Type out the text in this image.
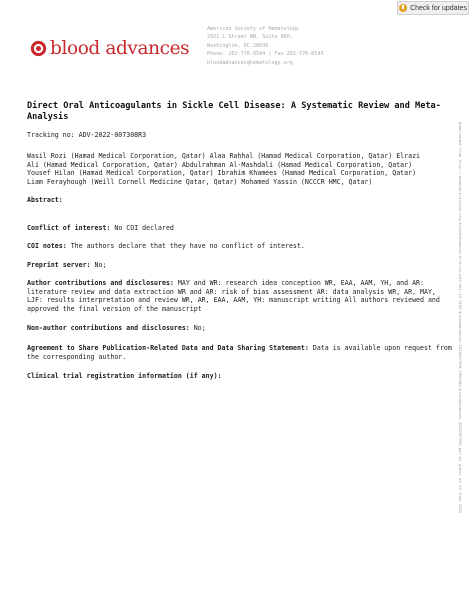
Check for updates
blood advances
American Society of Hematology
2021 L Street NW, Suite 900,
Washington, DC 20036
Phone: 202-776-0544 | Fax 202-776-0545
bloodadvances@hematology.org
Direct Oral Anticoagulants in Sickle Cell Disease: A Systematic Review and Meta-Analysis
Tracking no: ADV-2022-007308R3
Wasil Rozi (Hamad Medical Corporation, Qatar) Alaa Rahhal (Hamad Medical Corporation, Qatar) Elrazi
Ali (Hamad Medical Corporation, Qatar) Abdulrahman Al-Mashdali (Hamad Medical Corporation, Qatar)
Yousef Hilan (Hamad Medical Corporation, Qatar) Ibrahim Khamees (Hamad Medical Corporation, Qatar)
Liam Ferayhough (Weill Cornell Medicine Qatar, Qatar) Mohamed Yassin (NCCCR HMC, Qatar)
Abstract:
Conflict of interest: No COI declared
COI notes: The authors declare that they have no conflict of interest.
Preprint server: No;
Author contributions and disclosures: MAY and WR: research idea conception WR, EAA, AAM, YH, and AR: literature review and data extraction WR and AR: risk of bias assessment AR: data analysis WR, AR, MAY, LJF: results interpretation and review WR, AR, EAA, AAM, YH: manuscript writing All authors reviewed and approved the final version of the manuscript
Non-author contributions and disclosures: No;
Agreement to Share Publication-Related Data and Data Sharing Statement: Data is available upon request from the corresponding author.
Clinical trial registration information (if any):	Downloaded from http://ashpublications.org/bloodadvances/article-pdf/doi/10.1182/bloodadvances.2022007308/1906484/bloodadvances.2022007308.pdf by guest on 29 June 2022
